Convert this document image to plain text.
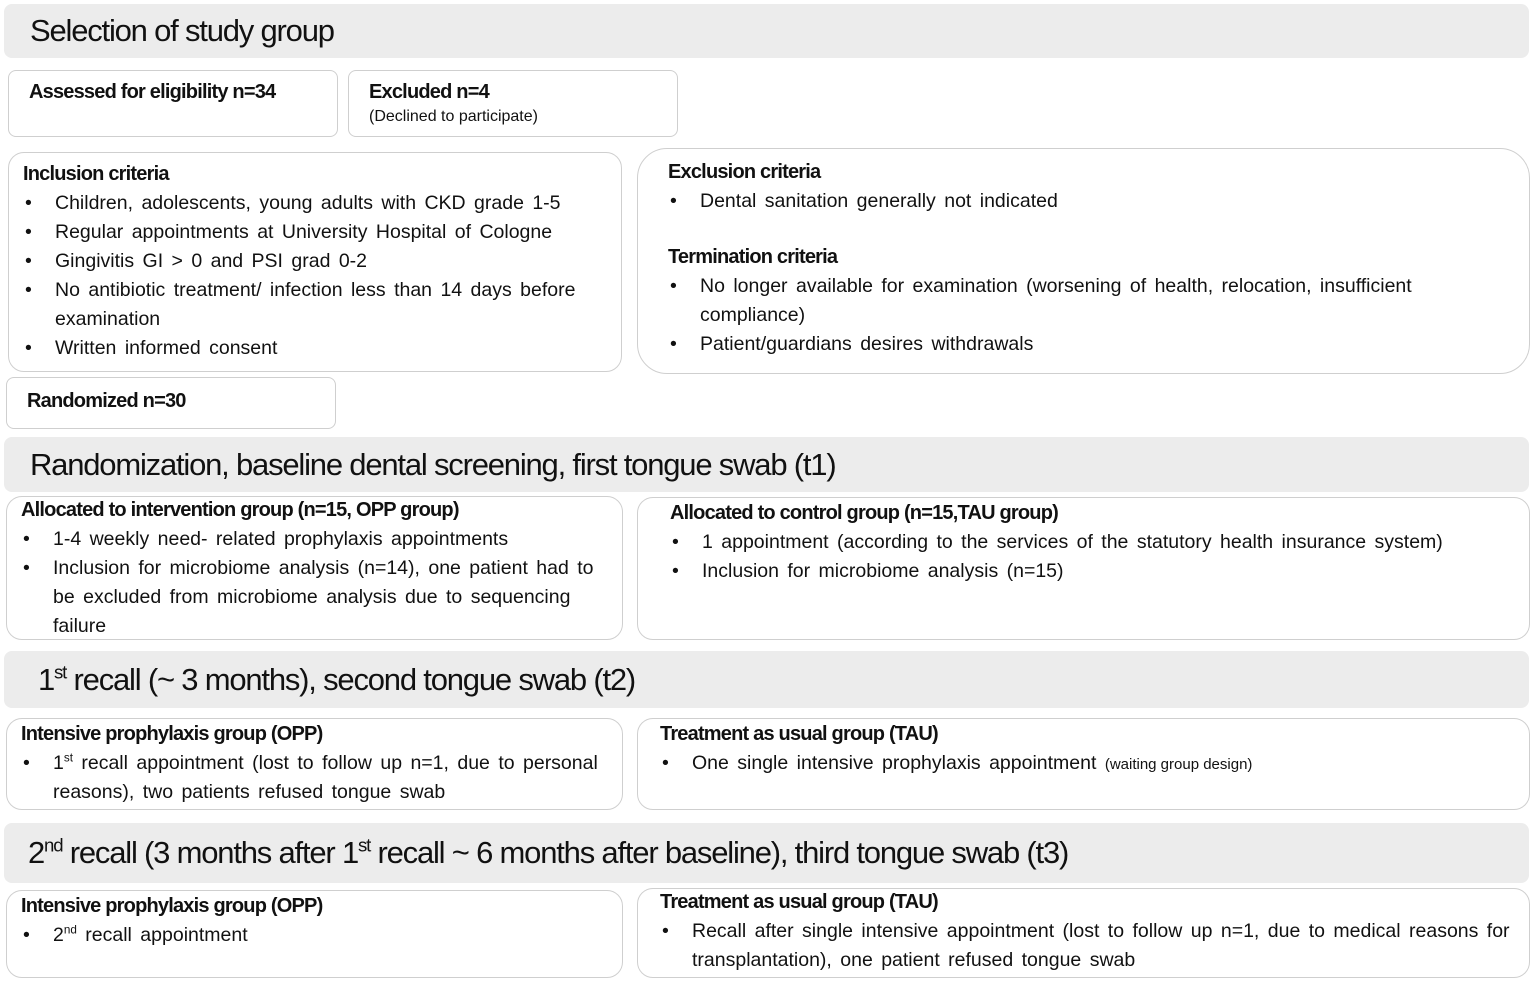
Selection of study group
Assessed for eligibility n=34	Excluded n=4
(Declined to participate)
Inclusion criteria
• Children, adolescents, young adults with CKD grade 1-5
• Regular appointments at University Hospital of Cologne
• Gingivitis GI > 0 and PSI grad 0-2
• No antibiotic treatment/ infection less than 14 days before examination
• Written informed consent
Exclusion criteria
• Dental sanitation generally not indicated
Termination criteria
• No longer available for examination (worsening of health, relocation, insufficient compliance)
• Patient/guardians desires withdrawals
Randomized n=30
Randomization, baseline dental screening, first tongue swab (t1)
Allocated to intervention group (n=15, OPP group)
• 1-4 weekly need- related prophylaxis appointments
• Inclusion for microbiome analysis (n=14), one patient had to be excluded from microbiome analysis due to sequencing failure
Allocated to control group (n=15,TAU group)
• 1 appointment (according to the services of the statutory health insurance system)
• Inclusion for microbiome analysis (n=15)
1st recall (~ 3 months), second tongue swab (t2)
Intensive prophylaxis group (OPP)
• 1st recall appointment (lost to follow up n=1, due to personal reasons), two patients refused tongue swab
Treatment as usual group (TAU)
• One single intensive prophylaxis appointment (waiting group design)
2nd recall (3 months after 1st recall ~ 6 months after baseline), third tongue swab (t3)
Intensive prophylaxis group (OPP)
• 2nd recall appointment
Treatment as usual group (TAU)
• Recall after single intensive appointment (lost to follow up n=1, due to medical reasons for transplantation), one patient refused tongue swab
